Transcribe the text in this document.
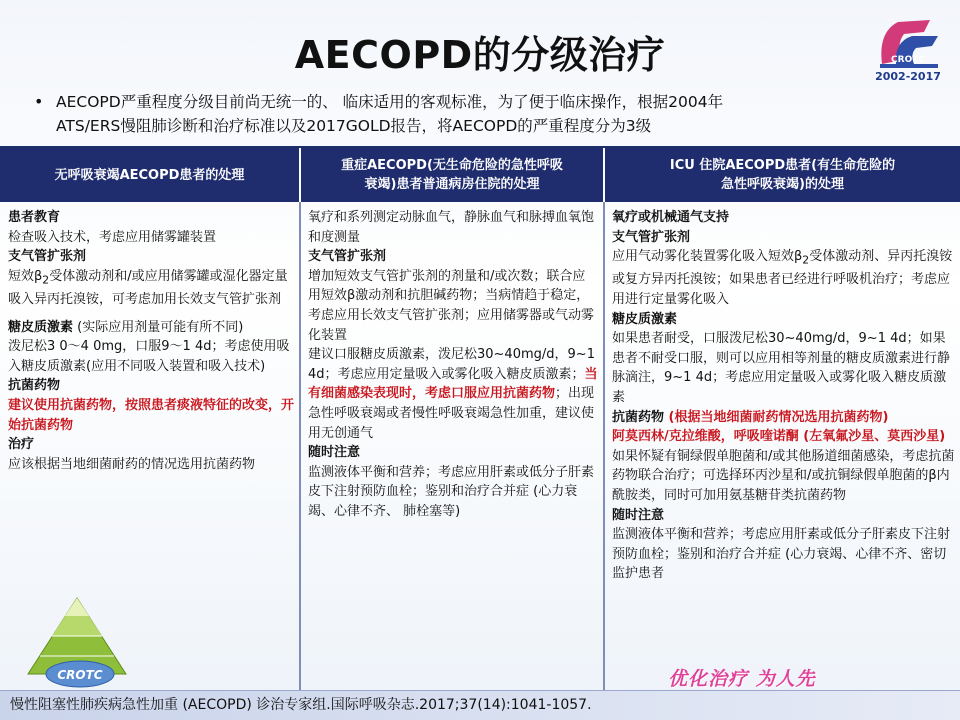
AECOPD的分级治疗	CROTC
2002-2017
• AECOPD严重程度分级目前尚无统一的、 临床适用的客观标准，为了便于临床操作，根据2004年
ATS/ERS慢阻肺诊断和治疗标准以及2017GOLD报告，将AECOPD的严重程度分为3级
无呼吸衰竭AECOPD患者的处理
重症AECOPD(无生命危险的急性呼吸
衰竭)患者普通病房住院的处理
ICU 住院AECOPD患者(有生命危险的
急性呼吸衰竭)的处理
患者教育
检查吸入技术，考虑应用储雾罐装置
支气管扩张剂
短效$\beta_2$受体激动剂和/或应用储雾罐或湿化器定量吸入异丙托溴铵，可考虑加用长效支气管扩张剂
糖皮质激素 (实际应用剂量可能有所不同)
泼尼松3 0～4 0mg，口服9～1 4d；考虑使用吸入糖皮质激素(应用不同吸入装置和吸入技术)
抗菌药物
建议使用抗菌药物，按照患者痰液特征的改变，开始抗菌药物
治疗
应该根据当地细菌耐药的情况选用抗菌药物
氧疗和系列测定动脉血气，静脉血气和脉搏血氧饱和度测量
支气管扩张剂
增加短效支气管扩张剂的剂量和/或次数；联合应用短效β激动剂和抗胆碱药物；当病情趋于稳定，考虑应用长效支气管扩张剂；应用储雾器或气动雾化装置
建议口服糖皮质激素，泼尼松30~40mg/d，9~1 4d；考虑应用定量吸入或雾化吸入糖皮质激素；当有细菌感染表现时，考虑口服应用抗菌药物；出现急性呼吸衰竭或者慢性呼吸衰竭急性加重，建议使用无创通气
随时注意
监测液体平衡和营养；考虑应用肝素或低分子肝素皮下注射预防血栓；鉴别和治疗合并症 (心力衰竭、心律不齐、 肺栓塞等)
氧疗或机械通气支持
支气管扩张剂
应用气动雾化装置雾化吸入短效$\beta_2$受体激动剂、异丙托溴铵或复方异丙托溴铵；如果患者已经进行呼吸机治疗；考虑应用进行定量雾化吸入
糖皮质激素
如果患者耐受，口服泼尼松30~40mg/d，9~1 4d；如果患者不耐受口服，则可以应用相等剂量的糖皮质激素进行静脉滴注，9~1 4d；考虑应用定量吸入或雾化吸入糖皮质激素
抗菌药物 (根据当地细菌耐药情况选用抗菌药物)
阿莫西林/克拉维酸，呼吸喹诺酮 (左氧氟沙星、莫西沙星)
如果怀疑有铜绿假单胞菌和/或其他肠道细菌感染，考虑抗菌药物联合治疗；可选择环丙沙星和/或抗铜绿假单胞菌的β内酰胺类，同时可加用氨基糖苷类抗菌药物
随时注意
监测液体平衡和营养；考虑应用肝素或低分子肝素皮下注射预防血栓；鉴别和治疗合并症 (心力衰竭、心律不齐、密切监护患者
CROTC
慢性阻塞性肺疾病急性加重 (AECOPD) 诊治专家组.国际呼吸杂志.2017;37(14):1041-1057.
优化治疗 为人先
